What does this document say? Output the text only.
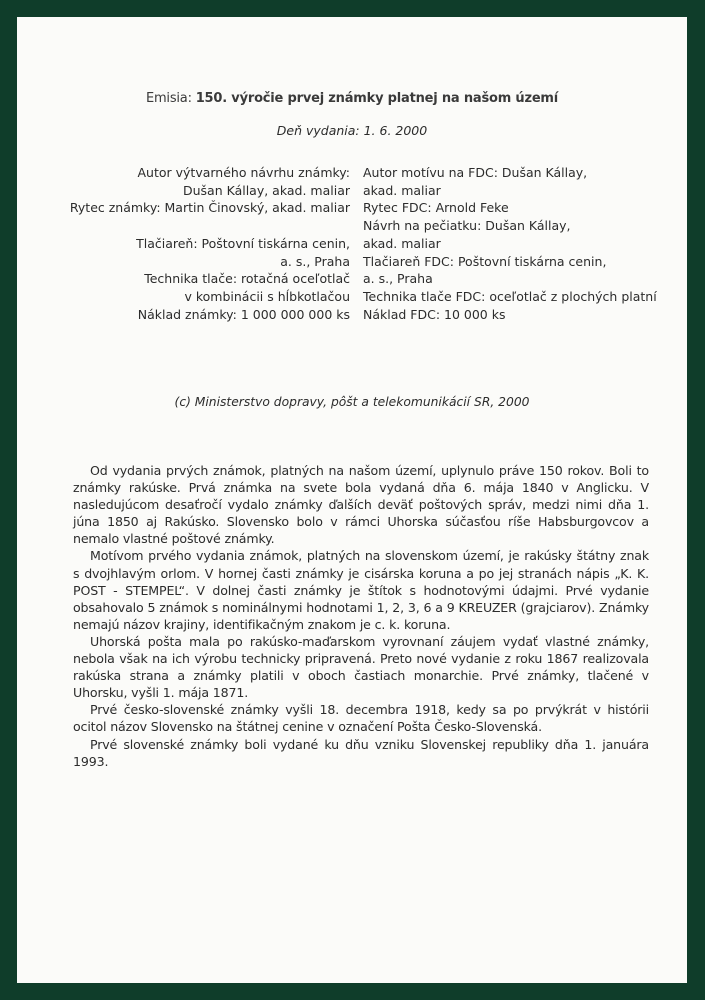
Emisia: 150. výročie prvej známky platnej na našom území
Deň vydania: 1. 6. 2000
Autor výtvarného návrhu známky:
Dušan Kállay, akad. maliar
Rytec známky: Martin Činovský, akad. maliar
Tlačiareň: Poštovní tiskárna cenin,
a. s., Praha
Technika tlače: rotačná oceľotlač
v kombinácii s hĺbkotlačou
Náklad známky: 1 000 000 000 ks
Autor motívu na FDC: Dušan Kállay,
akad. maliar
Rytec FDC: Arnold Feke
Návrh na pečiatku: Dušan Kállay,
akad. maliar
Tlačiareň FDC: Poštovní tiskárna cenin,
a. s., Praha
Technika tlače FDC: oceľotlač z plochých platní
Náklad FDC: 10 000 ks
(c) Ministerstvo dopravy, pôšt a telekomunikácií SR, 2000

Od vydania prvých známok, platných na našom území, uplynulo práve 150 rokov. Boli to známky rakúske. Prvá známka na svete bola vydaná dňa 6. mája 1840 v Anglicku. V nasledujúcom desaťročí vydalo známky ďalších deväť poštových správ, medzi nimi dňa 1. júna 1850 aj Rakúsko. Slovensko bolo v rámci Uhorska súčasťou ríše Habsburgovcov a nemalo vlastné poštové známky.

Motívom prvého vydania známok, platných na slovenskom území, je rakúsky štátny znak s dvojhlavým orlom. V hornej časti známky je cisárska koruna a po jej stranách nápis „K. K. POST - STEMPEL“. V dolnej časti známky je štítok s hodnotovými údajmi. Prvé vydanie obsahovalo 5 známok s nominálnymi hodnotami 1, 2, 3, 6 a 9 KREUZER (grajciarov). Známky nemajú názov krajiny, identifikačným znakom je c. k. koruna.

Uhorská pošta mala po rakúsko-maďarskom vyrovnaní záujem vydať vlastné známky, nebola však na ich výrobu technicky pripravená. Preto nové vydanie z roku 1867 realizovala rakúska strana a známky platili v oboch častiach monarchie. Prvé známky, tlačené v Uhorsku, vyšli 1. mája 1871.

Prvé česko-slovenské známky vyšli 18. decembra 1918, kedy sa po prvýkrát v histórii ocitol názov Slovensko na štátnej cenine v označení Pošta Česko-Slovenská.

Prvé slovenské známky boli vydané ku dňu vzniku Slovenskej republiky dňa 1. januára 1993.
